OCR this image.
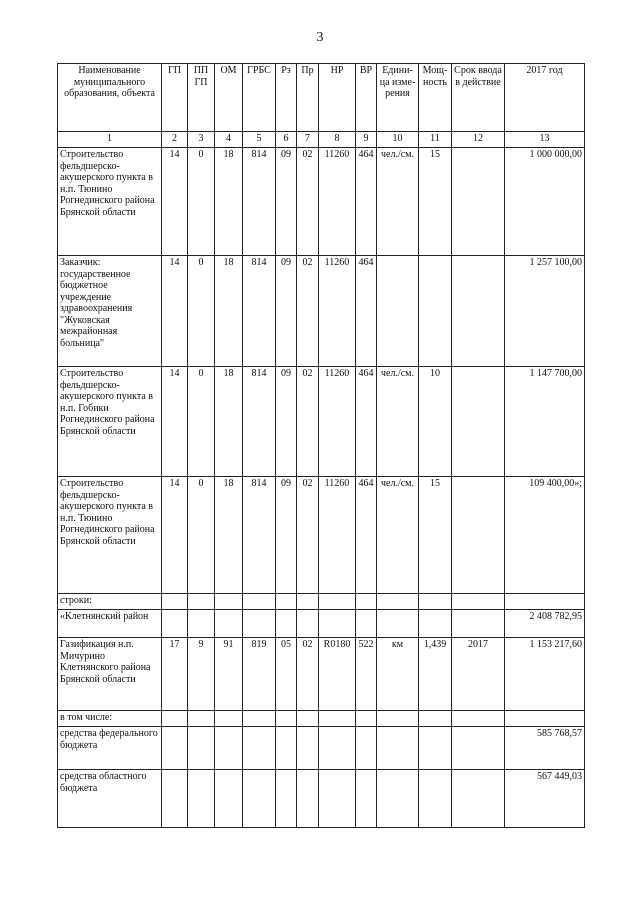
3
Наименование муниципального образования, объекта	ГП	ПП ГП	ОМ	ГРБС	Рз	Пр	НР	ВР	Единица измерения	Мощность	Срок ввода в действие	2017 год
1	2	3	4	5	6	7	8	9	10	11	12	13
Строительство фельдшерско-акушерского пункта в н.п. Тюнино Рогнединского района Брянской области	14	0	18	814	09	02	11260	464	чел./см.	15		1 000 000,00
Заказчик: государственное бюджетное учреждение здравоохранения "Жуковская межрайонная больница"	14	0	18	814	09	02	11260	464				1 257 100,00
Строительство фельдшерско-акушерского пункта в н.п. Гобики Рогнединского района Брянской области	14	0	18	814	09	02	11260	464	чел./см.	10		1 147 700,00
Строительство фельдшерско-акушерского пункта в н.п. Тюнино Рогнединского района Брянской области	14	0	18	814	09	02	11260	464	чел./см.	15		109 400,00»;
строки:												
«Клетнянский район												2 408 782,95
Газификация н.п. Мичурино Клетнянского района Брянской области	17	9	91	819	05	02	R0180	522	км	1,439	2017	1 153 217,60
в том числе:												
средства федерального бюджета												585 768,57
средства областного бюджета												567 449,03
